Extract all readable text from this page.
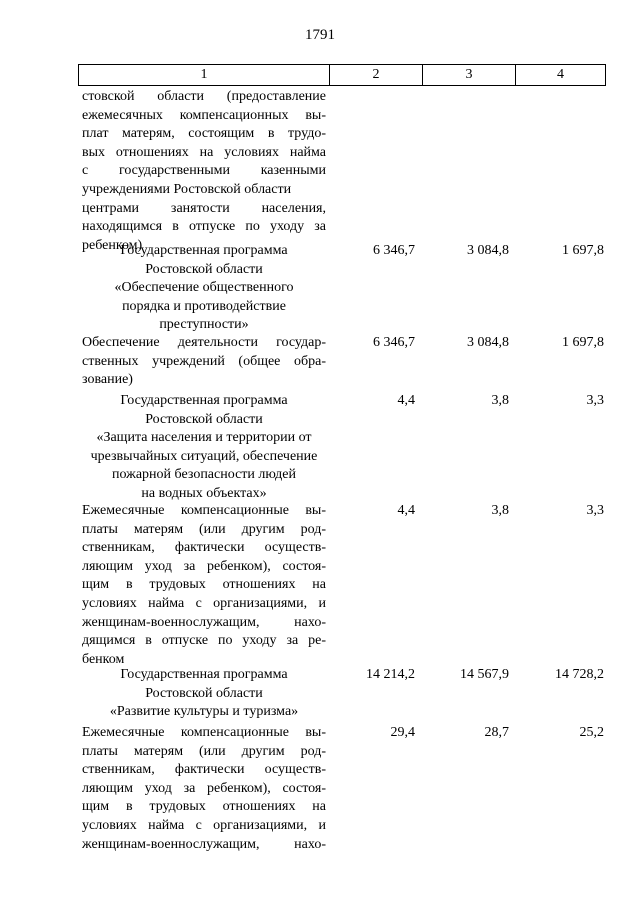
1791
1	2	3	4
стовской области (предоставление
ежемесячных компенсационных вы-
плат матерям, состоящим в трудо-
вых отношениях на условиях найма
с государственными казенными
учреждениями Ростовской области
центрами занятости населения,
находящимся в отпуске по уходу за
ребенком)
Государственная программа
Ростовской области
«Обеспечение общественного
порядка и противодействие
преступности»
6 346,7	3 084,8	1 697,8
Обеспечение деятельности государ-
ственных учреждений (общее обра-
зование)
6 346,7	3 084,8	1 697,8
Государственная программа
Ростовской области
«Защита населения и территории от
чрезвычайных ситуаций, обеспечение
пожарной безопасности людей
на водных объектах»
4,4	3,8	3,3
Ежемесячные компенсационные вы-
платы матерям (или другим род-
ственникам, фактически осуществ-
ляющим уход за ребенком), состоя-
щим в трудовых отношениях на
условиях найма с организациями, и
женщинам-военнослужащим, нахо-
дящимся в отпуске по уходу за ре-
бенком
4,4	3,8	3,3
Государственная программа
Ростовской области
«Развитие культуры и туризма»
14 214,2	14 567,9	14 728,2
Ежемесячные компенсационные вы-
платы матерям (или другим род-
ственникам, фактически осуществ-
ляющим уход за ребенком), состоя-
щим в трудовых отношениях на
условиях найма с организациями, и
женщинам-военнослужащим, нахо-
29,4	28,7	25,2
